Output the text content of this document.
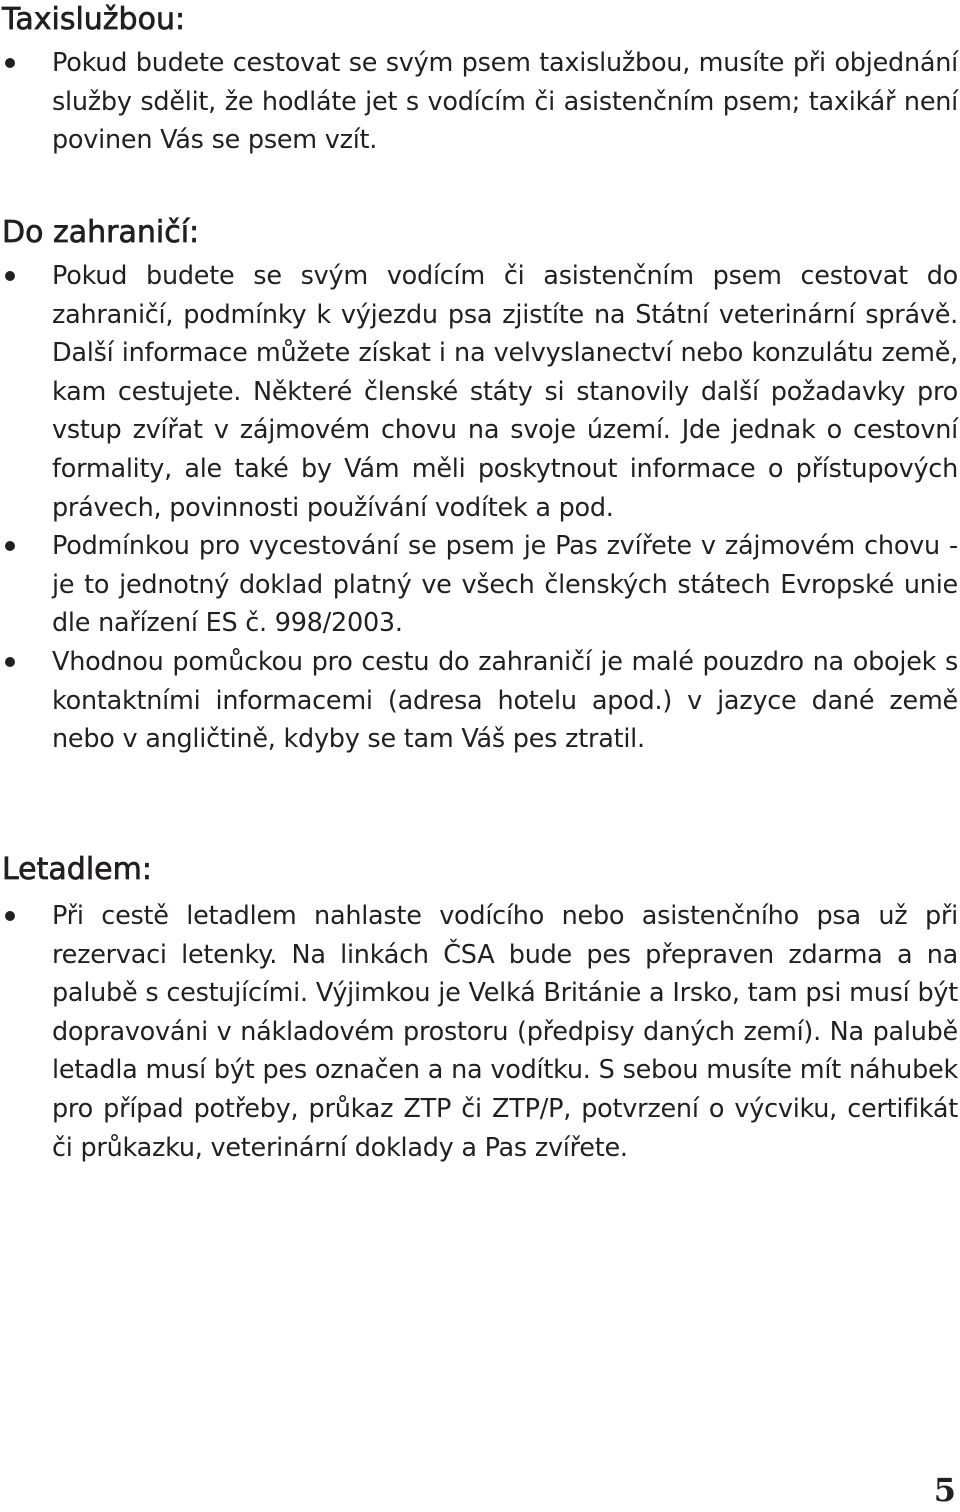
Taxislužbou:
Pokud budete cestovat se svým psem taxislužbou, musíte při objednání služby sdělit, že hodláte jet s vodícím či asistenčním psem; taxikář není povinen Vás se psem vzít.
Do zahraničí:
Pokud budete se svým vodícím či asistenčním psem cestovat do zahraničí, podmínky k výjezdu psa zjistíte na Státní veterinární správě. Další informace můžete získat i na velvyslanectví nebo konzulátu země, kam cestujete. Některé členské státy si stanovily další požadavky pro vstup zvířat v zájmovém chovu na svoje území. Jde jednak o cestovní formality, ale také by Vám měli poskytnout informace o přístupových právech, povinnosti používání vodítek a pod.
Podmínkou pro vycestování se psem je Pas zvířete v zájmovém chovu - je to jednotný doklad platný ve všech členských státech Evropské unie dle nařízení ES č. 998/2003.
Vhodnou pomůckou pro cestu do zahraničí je malé pouzdro na obojek s kontaktními informacemi (adresa hotelu apod.) v jazyce dané země nebo v angličtině, kdyby se tam Váš pes ztratil.
Letadlem:
Při cestě letadlem nahlaste vodícího nebo asistenčního psa už při rezervaci letenky. Na linkách ČSA bude pes přepraven zdarma a na palubě s cestujícími. Výjimkou je Velká Británie a Irsko, tam psi musí být dopravováni v nákladovém prostoru (předpisy daných zemí). Na palubě letadla musí být pes označen a na vodítku. S sebou musíte mít náhubek pro případ potřeby, průkaz ZTP či ZTP/P, potvrzení o výcviku, certifikát či průkazku, veterinární doklady a Pas zvířete.
5
